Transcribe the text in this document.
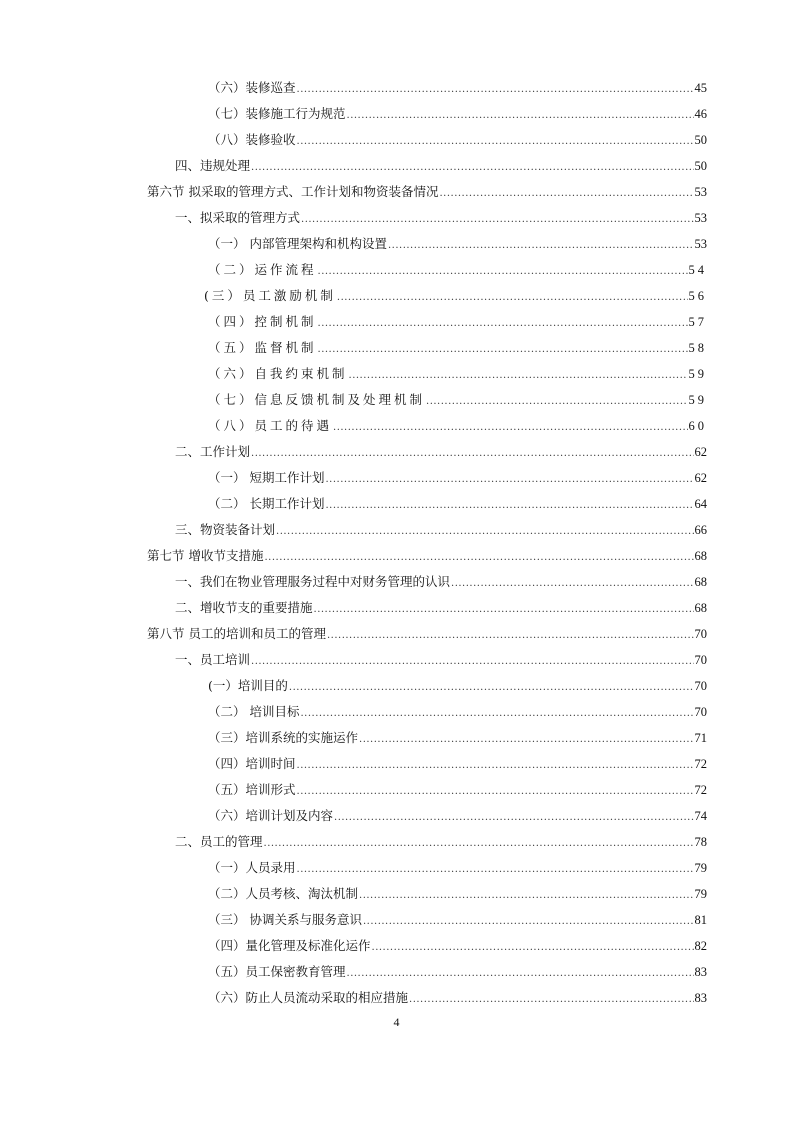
（六）装修巡查 .....	45
（七）装修施工行为规范 .....	46
（八）装修验收 .....	50
四、违规处理 .....	50
第六节 拟采取的管理方式、工作计划和物资装备情况 .....	53
一、拟采取的管理方式 .....	53
（一） 内部管理架构和机构设置 .....	53
（二）运作流程 .....	54
(三）员工激励机制 .....	56
（四）控制机制 .....	57
（五）监督机制 .....	58
（六）自我约束机制 .....	59
（七）信息反馈机制及处理机制 .....	59
（八）员工的待遇 .....	60
二、工作计划 .....	62
（一） 短期工作计划 .....	62
（二） 长期工作计划 .....	64
三、物资装备计划 .....	66
第七节 增收节支措施 .....	68
一、我们在物业管理服务过程中对财务管理的认识 .....	68
二、增收节支的重要措施 .....	68
第八节 员工的培训和员工的管理 .....	70
一、员工培训 .....	70
(一）培训目的 .....	70
（二） 培训目标 .....	70
（三）培训系统的实施运作 .....	71
（四）培训时间 .....	72
（五）培训形式 .....	72
（六）培训计划及内容 .....	74
二、员工的管理 .....	78
（一）人员录用 .....	79
（二）人员考核、淘汰机制 .....	79
（三） 协调关系与服务意识 .....	81
（四）量化管理及标准化运作 .....	82
（五）员工保密教育管理 .....	83
（六）防止人员流动采取的相应措施 .....	83
4
